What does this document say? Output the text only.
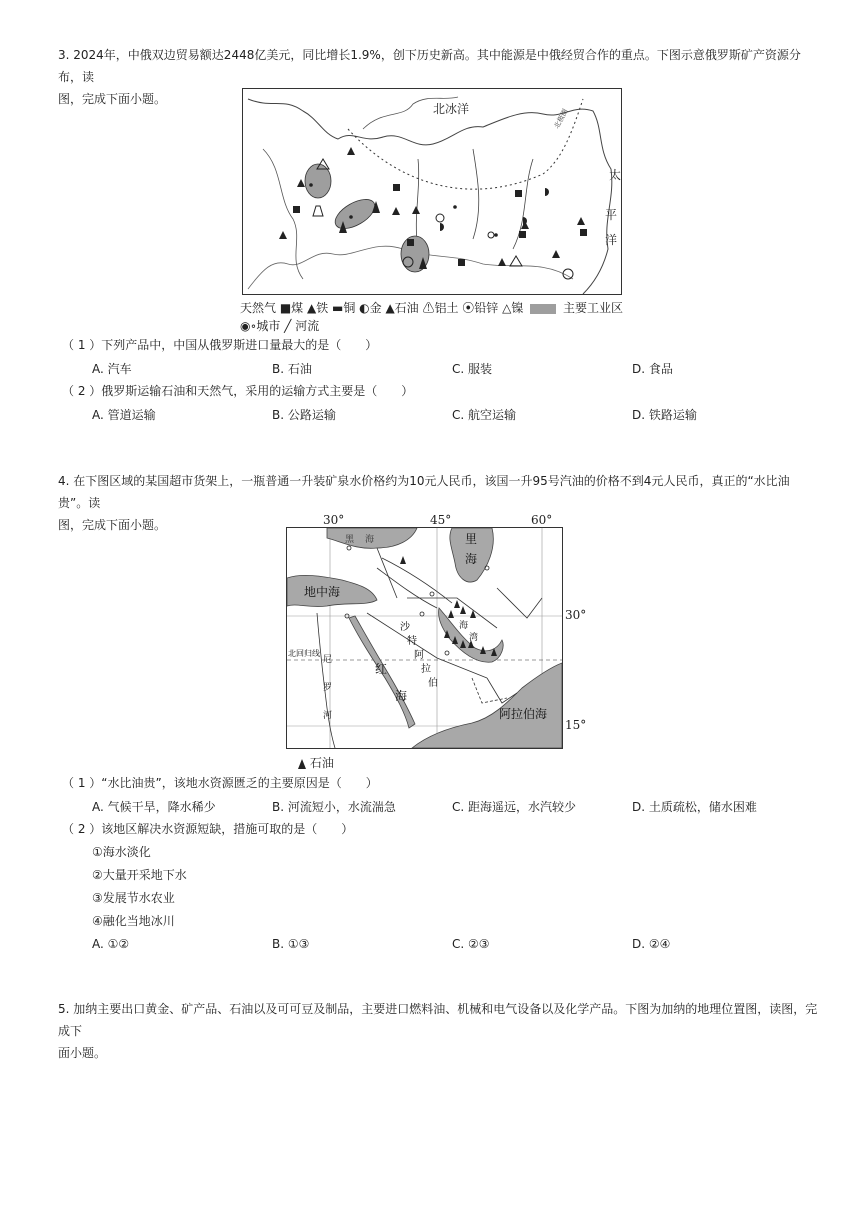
3. 2024年，中俄双边贸易额达2448亿美元，同比增长1.9%，创下历史新高。其中能源是中俄经贸合作的重点。下图示意俄罗斯矿产资源分布，读
图，完成下面小题。
北冰洋	北极圈
太
平
洋
天然气 ■煤 ▲铁 ▬铜 ◐金 ▲石油 ⚠铝土 ⦿铅锌 △镍	主要工业区
◉∘城市 ╱ 河流
（ 1 ）下列产品中，中国从俄罗斯进口量最大的是（　　）
A. 汽车	B. 石油	C. 服装	D. 食品
（ 2 ）俄罗斯运输石油和天然气，采用的运输方式主要是（　　）
A. 管道运输	B. 公路运输	C. 航空运输	D. 铁路运输
4. 在下图区域的某国超市货架上，一瓶普通一升装矿泉水价格约为10元人民币，该国一升95号汽油的价格不到4元人民币，真正的“水比油贵”。读
图，完成下面小题。	30°	45°	60°
黑 海	里
海
地中海
沙
特
阿
拉
伯
海
湾
红
海
北回归线
尼
罗
河	阿拉伯海
30°
15°
石油
（ 1 ）“水比油贵”，该地水资源匮乏的主要原因是（　　）
A. 气候干旱，降水稀少	B. 河流短小，水流湍急	C. 距海遥远，水汽较少	D. 土质疏松，储水困难
（ 2 ）该地区解决水资源短缺，措施可取的是（　　）
①海水淡化
②大量开采地下水
③发展节水农业
④融化当地冰川
A. ①②	B. ①③	C. ②③	D. ②④
5. 加纳主要出口黄金、矿产品、石油以及可可豆及制品，主要进口燃料油、机械和电气设备以及化学产品。下图为加纳的地理位置图，读图，完成下
面小题。
